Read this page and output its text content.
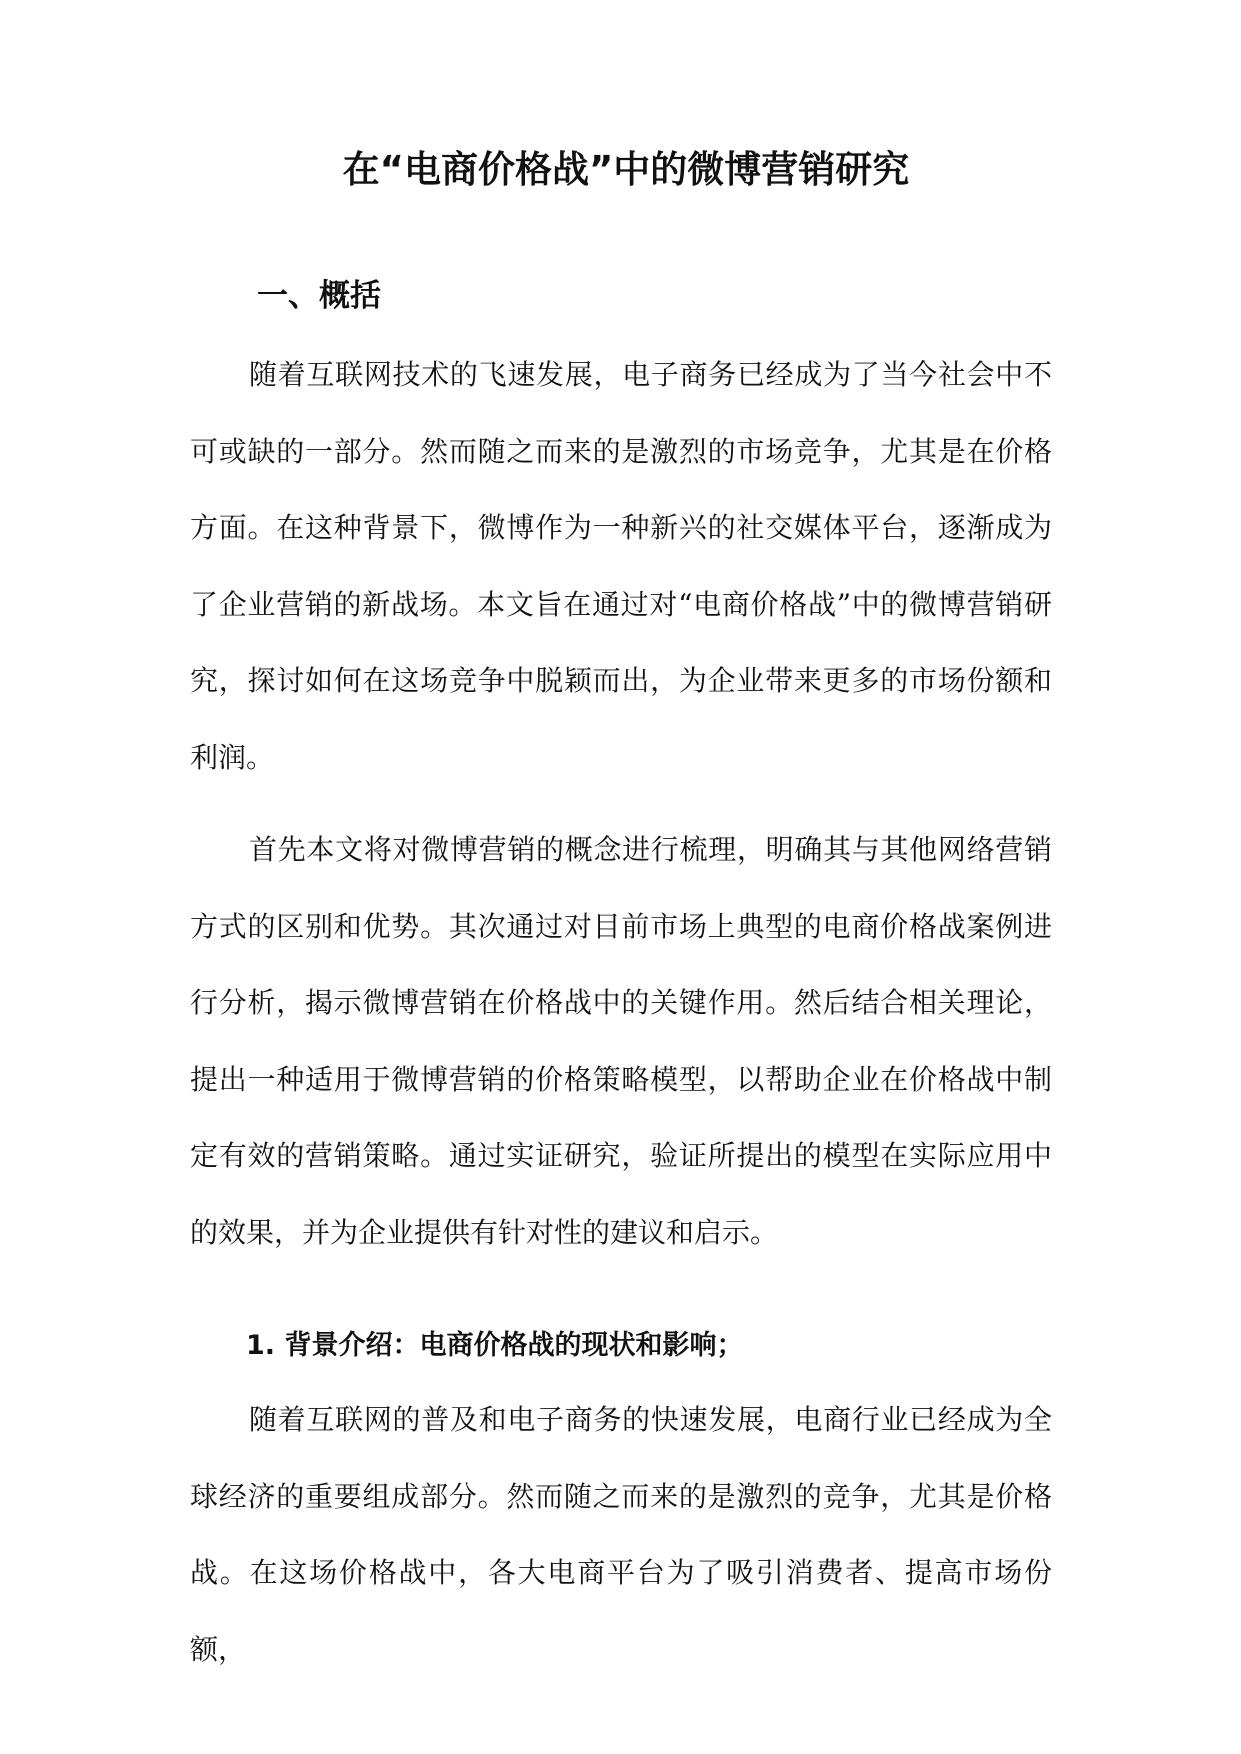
在“电商价格战”中的微博营销研究
一、概括

随着互联网技术的飞速发展，电子商务已经成为了当今社会中不可或缺的一部分。然而随之而来的是激烈的市场竞争，尤其是在价格方面。在这种背景下，微博作为一种新兴的社交媒体平台，逐渐成为了企业营销的新战场。本文旨在通过对“电商价格战”中的微博营销研究，探讨如何在这场竞争中脱颖而出，为企业带来更多的市场份额和利润。

首先本文将对微博营销的概念进行梳理，明确其与其他网络营销方式的区别和优势。其次通过对目前市场上典型的电商价格战案例进行分析，揭示微博营销在价格战中的关键作用。然后结合相关理论，提出一种适用于微博营销的价格策略模型，以帮助企业在价格战中制定有效的营销策略。通过实证研究，验证所提出的模型在实际应用中的效果，并为企业提供有针对性的建议和启示。

1. 背景介绍：电商价格战的现状和影响；

随着互联网的普及和电子商务的快速发展，电商行业已经成为全球经济的重要组成部分。然而随之而来的是激烈的竞争，尤其是价格战。在这场价格战中，各大电商平台为了吸引消费者、提高市场份额，
